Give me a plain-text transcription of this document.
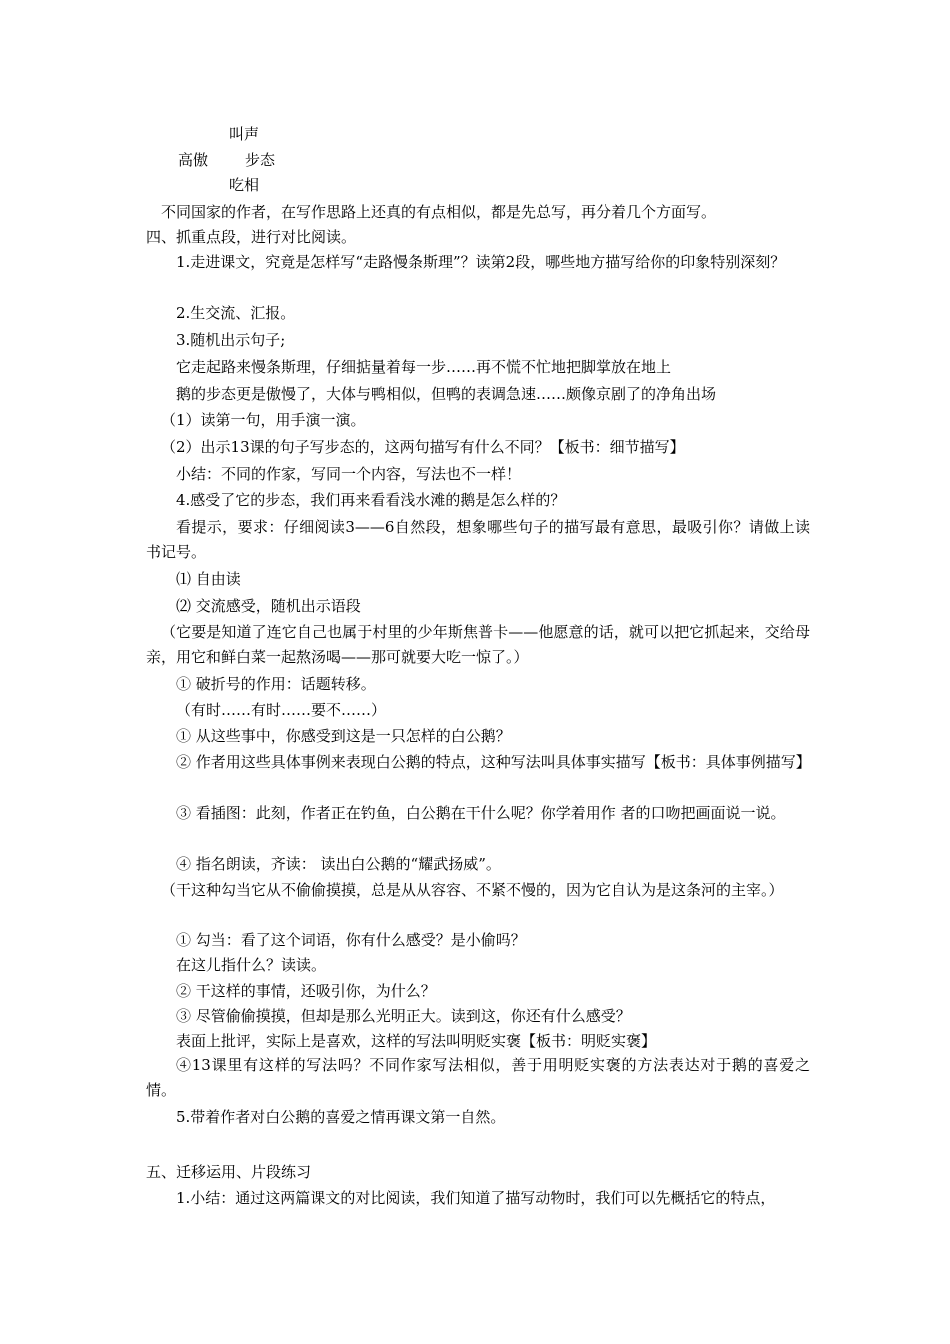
叫声
高傲 步态
吃相
不同国家的作者，在写作思路上还真的有点相似，都是先总写，再分着几个方面写。
四、抓重点段，进行对比阅读。
1.走进课文，究竟是怎样写“走路慢条斯理”？读第2段，哪些地方描写给你的印象特别深刻？
2.生交流、汇报。
3.随机出示句子;
它走起路来慢条斯理，仔细掂量着每一步……再不慌不忙地把脚掌放在地上
鹅的步态更是傲慢了，大体与鸭相似，但鸭的表调急速……颇像京剧了的净角出场
（1）读第一句，用手演一演。
（2）出示13课的句子写步态的，这两句描写有什么不同？【板书：细节描写】
小结：不同的作家，写同一个内容，写法也不一样！
4.感受了它的步态，我们再来看看浅水滩的鹅是怎么样的？
看提示，要求：仔细阅读3——6自然段，想象哪些句子的描写最有意思，最吸引你？请做上读书记号。
⑴ 自由读
⑵ 交流感受，随机出示语段
（它要是知道了连它自己也属于村里的少年斯焦普卡——他愿意的话，就可以把它抓起来，交给母亲，用它和鲜白菜一起熬汤喝——那可就要大吃一惊了。）
① 破折号的作用：话题转移。
（有时……有时……要不……）
① 从这些事中，你感受到这是一只怎样的白公鹅？
② 作者用这些具体事例来表现白公鹅的特点，这种写法叫具体事实描写【板书：具体事例描写】
③ 看插图：此刻，作者正在钓鱼，白公鹅在干什么呢？你学着用作 者的口吻把画面说一说。
④ 指名朗读，齐读： 读出白公鹅的“耀武扬威”。
（干这种勾当它从不偷偷摸摸，总是从从容容、不紧不慢的，因为它自认为是这条河的主宰。）
① 勾当：看了这个词语，你有什么感受？是小偷吗？
在这儿指什么？读读。
② 干这样的事情，还吸引你，为什么？
③ 尽管偷偷摸摸，但却是那么光明正大。读到这，你还有什么感受？
表面上批评，实际上是喜欢，这样的写法叫明贬实褒【板书：明贬实褒】
④13课里有这样的写法吗？不同作家写法相似，善于用明贬实褒的方法表达对于鹅的喜爱之情。
5.带着作者对白公鹅的喜爱之情再课文第一自然。
五、迁移运用、片段练习
1.小结：通过这两篇课文的对比阅读，我们知道了描写动物时，我们可以先概括它的特点，
